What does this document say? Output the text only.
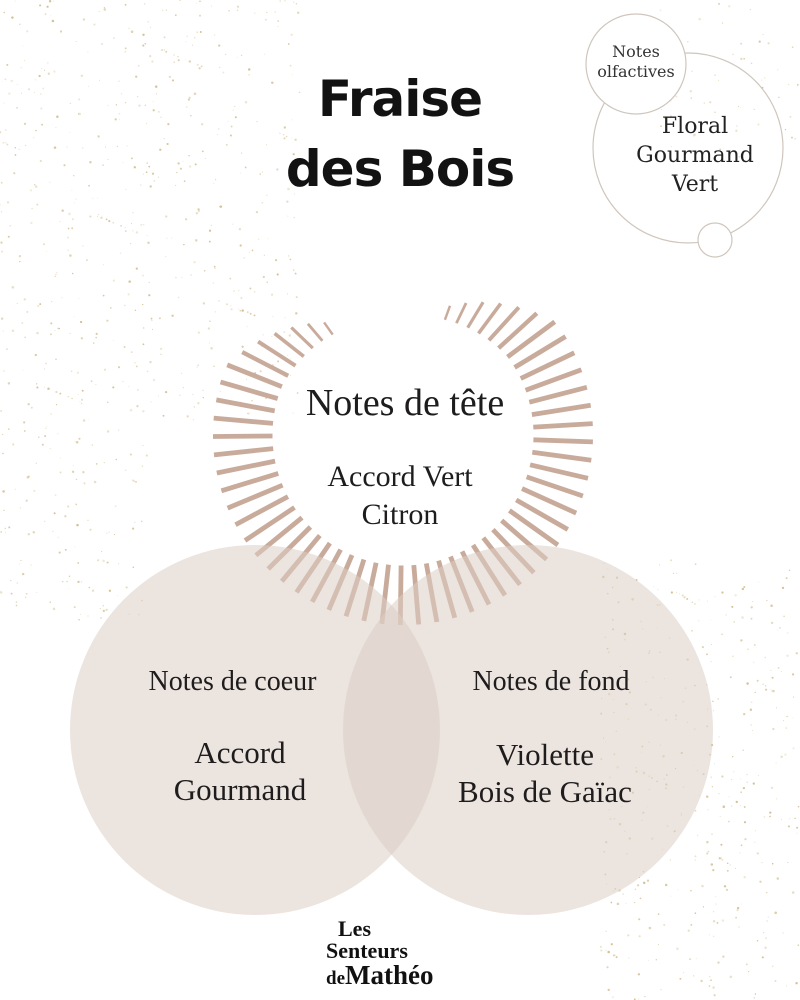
Fraise
des Bois
Notes
olfactives
Floral
Gourmand
Vert
Notes de tête
Accord Vert
Citron
Notes de coeur
Accord
Gourmand
Notes de fond
Violette
Bois de Gaïac
Les
Senteurs
deMathéo
